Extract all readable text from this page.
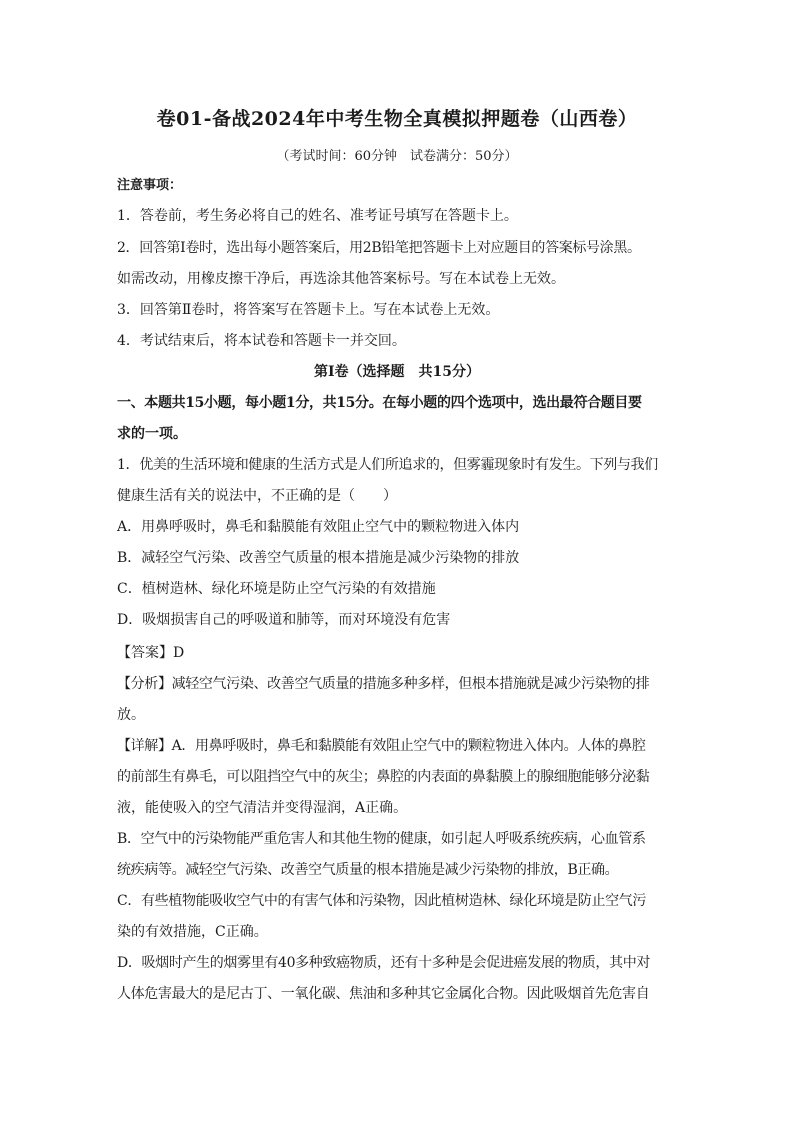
卷01-备战2024年中考生物全真模拟押题卷（山西卷）
（考试时间：60分钟　试卷满分：50分）
注意事项：
1．答卷前，考生务必将自己的姓名、准考证号填写在答题卡上。
2．回答第Ⅰ卷时，选出每小题答案后，用2B铅笔把答题卡上对应题目的答案标号涂黑。
如需改动，用橡皮擦干净后，再选涂其他答案标号。写在本试卷上无效。
3．回答第Ⅱ卷时，将答案写在答题卡上。写在本试卷上无效。
4．考试结束后，将本试卷和答题卡一并交回。
第Ⅰ卷（选择题　共15分）
一、本题共15小题，每小题1分，共15分。在每小题的四个选项中，选出最符合题目要
求的一项。
1．优美的生活环境和健康的生活方式是人们所追求的，但雾霾现象时有发生。下列与我们
健康生活有关的说法中，不正确的是（　　）
A．用鼻呼吸时，鼻毛和黏膜能有效阻止空气中的颗粒物进入体内
B．减轻空气污染、改善空气质量的根本措施是减少污染物的排放
C．植树造林、绿化环境是防止空气污染的有效措施
D．吸烟损害自己的呼吸道和肺等，而对环境没有危害
【答案】D
【分析】减轻空气污染、改善空气质量的措施多种多样，但根本措施就是减少污染物的排
放。
【详解】A．用鼻呼吸时，鼻毛和黏膜能有效阻止空气中的颗粒物进入体内。人体的鼻腔
的前部生有鼻毛，可以阻挡空气中的灰尘；鼻腔的内表面的鼻黏膜上的腺细胞能够分泌黏
液，能使吸入的空气清洁并变得湿润，A正确。
B．空气中的污染物能严重危害人和其他生物的健康，如引起人呼吸系统疾病，心血管系
统疾病等。减轻空气污染、改善空气质量的根本措施是减少污染物的排放，B正确。
C．有些植物能吸收空气中的有害气体和污染物，因此植树造林、绿化环境是防止空气污
染的有效措施，C正确。
D．吸烟时产生的烟雾里有40多种致癌物质，还有十多种是会促进癌发展的物质，其中对
人体危害最大的是尼古丁、一氧化碳、焦油和多种其它金属化合物。因此吸烟首先危害自
